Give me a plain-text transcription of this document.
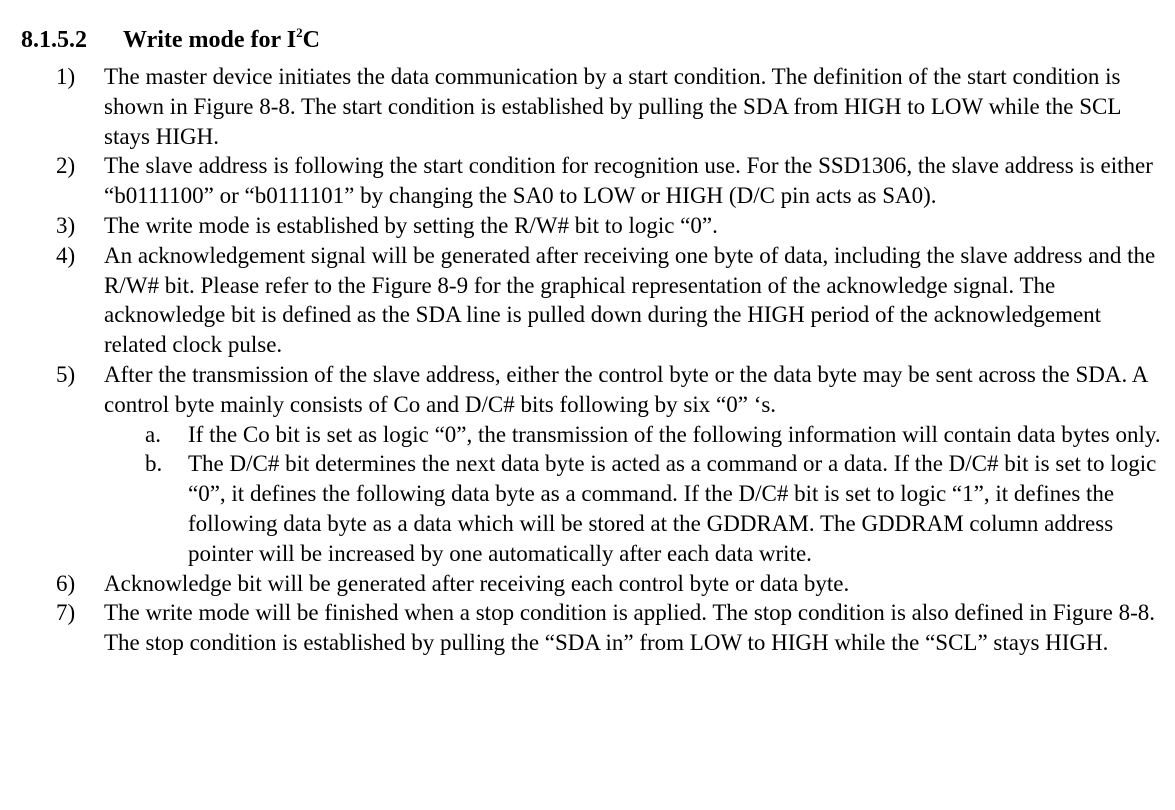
8.1.5.2 Write mode for $I^2C$
1) The master device initiates the data communication by a start condition. The definition of the start condition is shown in Figure 8-8. The start condition is established by pulling the SDA from HIGH to LOW while the SCL stays HIGH.
2) The slave address is following the start condition for recognition use. For the SSD1306, the slave address is either “b0111100” or “b0111101” by changing the SA0 to LOW or HIGH (D/C pin acts as SA0).
3) The write mode is established by setting the R/W# bit to logic “0”.
4) An acknowledgement signal will be generated after receiving one byte of data, including the slave address and the R/W# bit. Please refer to the Figure 8-9 for the graphical representation of the acknowledge signal. The acknowledge bit is defined as the SDA line is pulled down during the HIGH period of the acknowledgement related clock pulse.
5) After the transmission of the slave address, either the control byte or the data byte may be sent across the SDA. A control byte mainly consists of Co and D/C# bits following by six “0” ‘s.
a. If the Co bit is set as logic “0”, the transmission of the following information will contain data bytes only.
b. The D/C# bit determines the next data byte is acted as a command or a data. If the D/C# bit is set to logic “0”, it defines the following data byte as a command. If the D/C# bit is set to logic “1”, it defines the following data byte as a data which will be stored at the GDDRAM. The GDDRAM column address pointer will be increased by one automatically after each data write.
6) Acknowledge bit will be generated after receiving each control byte or data byte.
7) The write mode will be finished when a stop condition is applied. The stop condition is also defined in Figure 8-8. The stop condition is established by pulling the “SDA in” from LOW to HIGH while the “SCL” stays HIGH.
